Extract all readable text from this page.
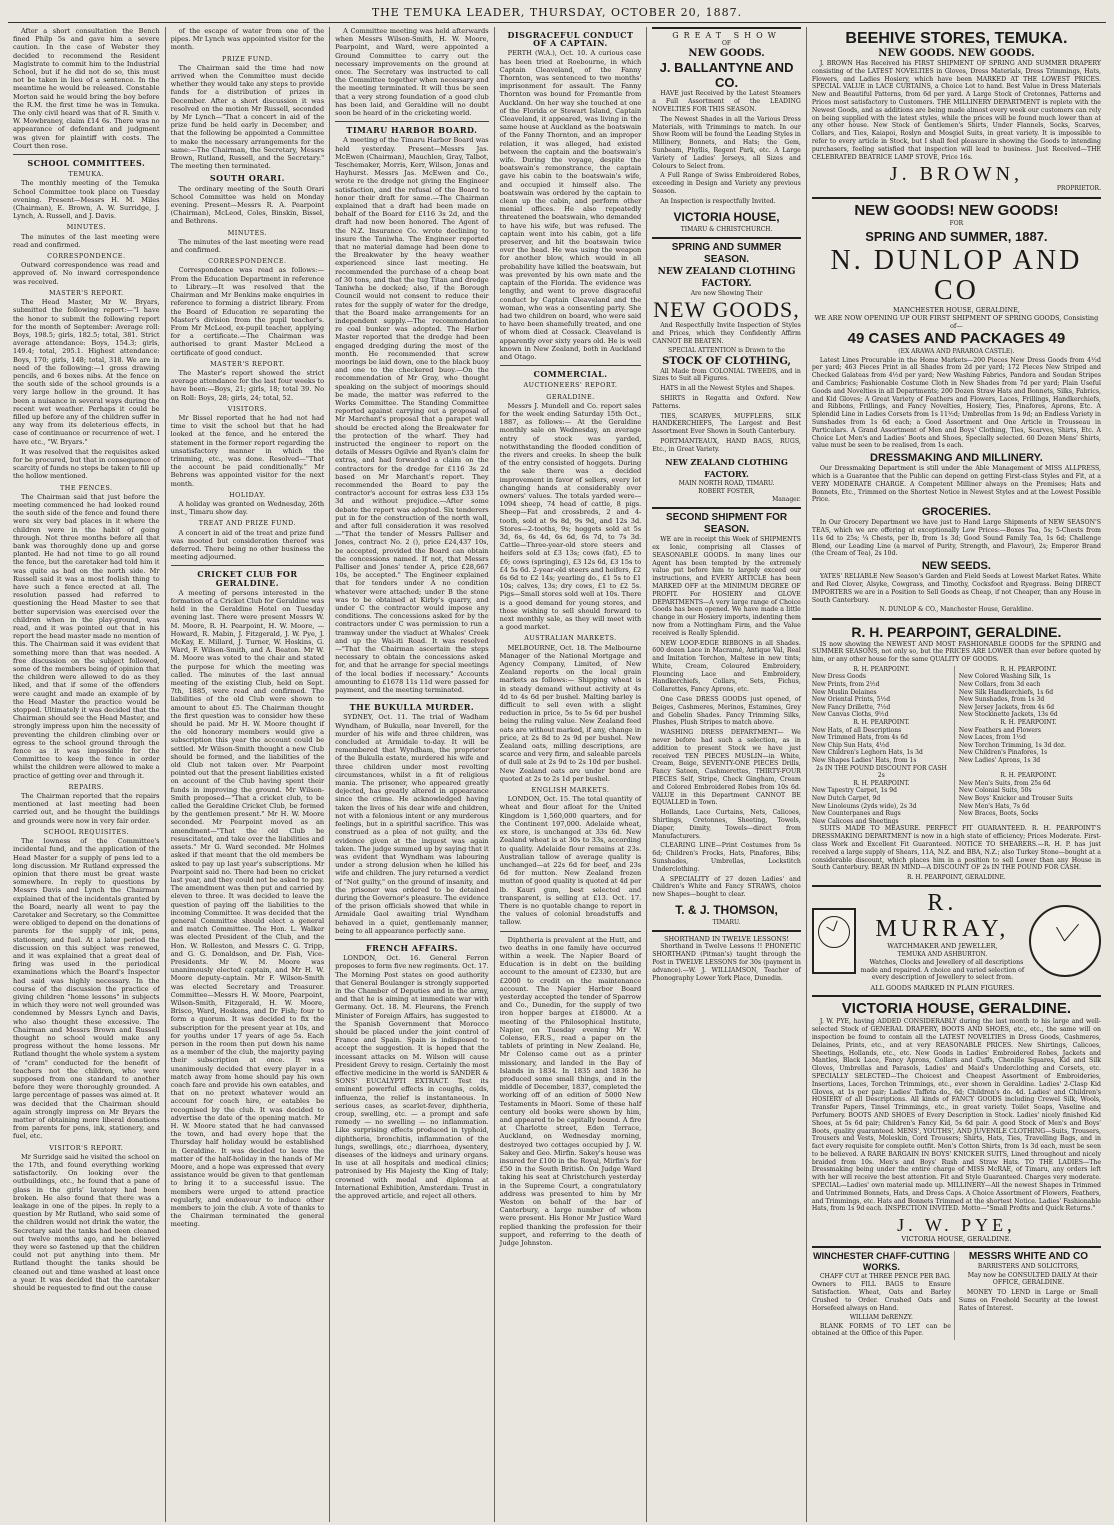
THE TEMUKA LEADER, THURSDAY, OCTOBER 20, 1887.

After a short consultation the Bench fined Philp 5s and gave him a severe caution. In the case of Webster they decided to recommend the Resident Magistrate to commit him to the Industrial School, but if he did not do so, this must not be taken in lieu of a sentence. In the meantime he would be released. Constable Morton said he would bring the boy before the R.M. the first time he was in Temuka. The only civil heard was that of R. Smith v. W. Mowbraney, claim £14 6s. There was no appearance of defendant and judgment was given for plaintiff with costs. The Court then rose.

SCHOOL COMMITTEES.
TEMUKA.

The monthly meeting of the Temuka School Committee took place on Tuesday evening. Present—Messrs H. M. Miles (Chairman), E. Brown, A. W. Surridge, J. Lynch, A. Russell, and J. Davis.

MINUTES.

The minutes of the last meeting were read and confirmed.

CORRESPONDENCE.

Outward correspondence was read and approved of. No inward correspondence was received.

MASTER'S REPORT.

The Head Master, Mr W. Bryars, submitted the following report:—"I have the honor to submit the following report for the month of September: Average roll: Boys, 198.5; girls, 182.5; total, 381. Strict average attendance: Boys, 154.3; girls, 149.4; total, 295.1. Highest attendance: Boys, 170; girls, 148; total, 318. We are in need of the following:—1 gross drawing pencils, and 6 boxes nibs. At the fence on the south side of the school grounds is a very large hollow in the ground. It has been a nuisance in several ways during the recent wet weather. Perhaps it could be filled up before any of the children suffer in any way from its deleterious effects, in case of continuance or recurrence of wet. I have etc., "W. Bryars."

It was resolved that the requisites asked for be procured, but that in consequence of scarcity of funds no steps be taken to fill up the hollow mentioned.

THE FENCES.

The Chairman said that just before the meeting commenced he had looked round the south side of the fence and found there were six very bad places in it where the children were in the habit of going through. Not three months before all that bank was thoroughly done up and gorse planted. He had not time to go all round the fence, but the caretaker had told him it was quite as bad on the north side. Mr Russell said it was a most foolish thing to have such a fence erected at all. The resolution passed had referred to questioning the Head Master to see that better supervision was exercised over the children when in the play-ground, was read, and it was pointed out that in his report the head master made no mention of this. The Chairman said it was evident that something more than that was needed. A free discussion on the subject followed, some of the members being of opinion that the children were allowed to do as they liked, and that if some of the offenders were caught and made an example of by the Head Master the practice would be stopped. Ultimately it was decided that the Chairman should see the Head Master, and strongly impress upon him the necessity of preventing the children climbing over or egress to the school ground through the fence as it was impossible for the Committee to keep the fence in order whilst the children were allowed to make a practice of getting over and through it.

REPAIRS.

The Chairman reported that the repairs mentioned at last meeting had been carried out, and he thought the buildings and grounds were now in very fair order.

SCHOOL REQUISITES.

The lowness of the Committee's incidental fund, and the application of the Head Master for a supply of pens led to a long discussion. Mr Rutland expressed the opinion that there must be great waste somewhere. In reply to questions by Messrs Davis and Lynch the Chairman explained that of the incidentals granted by the Board, nearly all went to pay the Caretaker and Secretary, so the Committee were obliged to depend on the donations of parents for the supply of ink, pens, stationery, and fuel. At a later period the discussion on this subject was renewed, and it was explained that a great deal of firing was used in the periodical examinations which the Board's Inspector had said was highly necessary. In the course of the discussion the practice of giving children "home lessons" in subjects in which they were not well grounded was condemned by Messrs Lynch and Davis, who also thought these excessive. The Chairman and Messrs Brown and Russell thought no school would make any progress without the home lessons. Mr Rutland thought the whole system a system of "cram" conducted for the benefit of teachers not the children, who were supposed from one standard to another before they were thoroughly grounded. A large percentage of passes was aimed at. It was decided that the Chairman should again strongly impress on Mr Bryars the matter of obtaining more liberal donations from parents for pens, ink, stationery, and fuel, etc.

VISITOR'S REPORT.

Mr Surridge said he visited the school on the 17th, and found everything working satisfactorily. On looking over the outbuildings, etc., he found that a pane of glass in the girls' lavatory had been broken. He also found that there was a leakage in one of the pipes. In reply to a question by Mr Rutland, who said some of the children would not drink the water, the Secretary said the tanks had been cleaned out twelve months ago, and he believed they were so fastened up that the children could not put anything into them. Mr Rutland thought the tanks should be cleaned out and time washed at least once a year. It was decided that the caretaker should be requested to find out the cause

of the escape of water from one of the pipes. Mr Lynch was appointed visitor for the month.

PRIZE FUND.

The Chairman said the time had now arrived when the Committee must decide whether they would take any steps to provide funds for a distribution of prizes in December. After a short discussion it was resolved on the motion Mr Russell, seconded by Mr Lynch—"That a concert in aid of the prize fund be held early in December, and that the following be appointed a Committee to make the necessary arrangements for the same:—The Chairman, the Secretary, Messrs Brown, Rutland, Russell, and the Secretary." The meeting then terminated.

SOUTH ORARI.

The ordinary meeting of the South Orari School Committee was held on Monday evening. Present—Messrs R. A. Pearpoint (Chairman), McLeod, Coles, Binskin, Bissel, and Bethrens.

MINUTES.

The minutes of the last meeting were read and confirmed.

CORRESPONDENCE.

Correspondence was read as follows:—From the Education Department in reference to Library.—It was resolved that the Chairman and Mr Benkins make enquiries in reference to forming a district library. From the Board of Education re separating the Master's division from the pupil teacher's. From Mr McLeod, ex-pupil teacher, applying for a certificate.—The Chairman was authorised to grant Master McLeod a certificate of good conduct.

MASTER'S REPORT.

The Master's report showed the strict average attendance for the last four weeks to have been:—Boys, 21; girls, 18; total 39. No on Roll: Boys, 28; girls, 24; total, 52.

VISITORS.

Mr Bissel reported that he had not had time to visit the school but that he had looked at the fence, and he entered the statement in the former report regarding the unsatisfactory manner in which the trimming, etc., was done. Resolved—"That the account be paid conditionally." Mr Behrens was appointed visitor for the next month.

HOLIDAY.

A holiday was granted on Wednesday, 26th inst., Timaru show day.

TREAT AND PRIZE FUND.

A concert in aid of the treat and prize fund was mooted but consideration thereof was deferred. There being no other business the meeting adjourned.

CRICKET CLUB FOR GERALDINE.

A meeting of persons interested in the formation of a Cricket Club for Geraldine was held in the Geraldine Hotel on Tuesday evening last. There were present Messrs W. M. Moore, R. H. Pearpoint, H. W. Moore, —Howard, R. Mabin, J. Fitzgerald, J. W. Pye, J. McKay, E. Millard, J. Turner, W. Hoskins, G. Ward, F. Wilson-Smith, and A. Beaton. Mr W. M. Moore was voted to the chair and stated the purpose for which the meeting was called. The minutes of the last annual meeting of the existing Club, held on Sept. 7th, 1885, were read and confirmed. The liabilities of the old Club were shown to amount to about £5. The Chairman thought the first question was to consider how these should be paid. Mr H. W. Moore thought if the old honorary members would give a subscription this year the account could be settled. Mr Wilson-Smith thought a new Club should be formed, and the liabilities of the old Club not taken over. Mr Pearpoint pointed out that the present liabilities existed on account of the Club having spent their funds in improving the ground. Mr Wilson-Smith proposed—"That a cricket club, to be called the Geraldine Cricket Club, be formed by the gentlemen present." Mr H. W. Moore seconded. Mr Pearpoint moved as an amendment—"That the old Club be resuscitated, and take over the liabilities and assets." Mr G. Ward seconded. Mr Holmes asked if that meant that the old members be asked to pay up last year's subscriptions. Mr Pearpoint said no. There had been no cricket last year, and they could not be asked to pay. The amendment was then put and carried by eleven to three. It was decided to leave the question of paying off the liabilities to the incoming Committee. It was decided that the general Committee should elect a general and match Committee. The Hon. L. Walker was elected President of the Club, and the Hon. W. Rolleston, and Messrs C. G. Tripp, and G. G. Donaldson, and Dr. Fish, Vice-Presidents. Mr W. M. Moore was unanimously elected captain, and Mr H. W. Moore deputy-captain. Mr F. Wilson-Smith was elected Secretary and Treasurer. Committee—Messrs H. W. Moore, Pearpoint, Wilson-Smith, Fitzgerald, H. W. Moore, Brisco, Ward, Hoskens, and Dr Fish; four to form a quorum. It was decided to fix the subscription for the present year at 10s, and for youths under 17 years of age 5s. Each person in the room then put down his name as a member of the club, the majority paying their subscription at once. It was unanimously decided that every player in a match away from home should pay his own coach fare and provide his own eatables, and that on no pretext whatever would an account for coach hire, or eatables be recognised by the club. It was decided to advertise the date of the opening match. Mr H. W. Moore stated that he had canvassed the town, and had every hope that the Thursday half holiday would be established in Geraldine. It was decided to leave the matter of the half-holiday in the hands of Mr Moore, and a hope was expressed that every assistance would be given to that gentleman to bring it to a successful issue. The members were urged to attend practice regularly, and endeavour to induce other members to join the club. A vote of thanks to the Chairman terminated the general meeting.

A Committee meeting was held afterwards when Messrs Wilson-Smith, H. W. Moore, Pearpoint, and Ward, were appointed a Ground Committee to carry out the necessary improvements on the ground at once. The Secretary was instructed to call the Committee together when necessary and the meeting terminated. It will thus be seen that a very strong foundation of a good club has been laid, and Geraldine will no doubt soon be heard of in the cricketing world.

TIMARU HARBOR BOARD.

A meeting of the Timaru Harbor Board was held yesterday. Present—Messrs Jas. McEwen (Chairman), Mauchlen, Gray, Talbot, Teschemaker, Morris, Kerr, Wilson, Jonas and Hayhurst. Messrs Jas. McEwen and Co., wrote re the dredge not giving the Engineer satisfaction, and the refusal of the Board to honor their draft for same.—The Chairman explained that a draft had been made on behalf of the Board for £116 3s 2d, and the draft had now been honored. The Agent of the N.Z. Insurance Co. wrote declining to insure the Taniwha. The Engineer reported that no material damage had been done to the Breakwater by the heavy weather experienced since last meeting. He recommended the purchase of a cheap boat of 30 tons, and that the tug Titan and dredge Taniwha be docked; also, if the Borough Council would not consent to reduce their rates for the supply of water for the dredge, that the Board make arrangements for an independent supply.—The recommendation re coal bunker was adopted. The Harbor Master reported that the dredge had been engaged dredging during the most of the month. He recommended that screw moorings be laid down, one to the black buoy and one to the checkered buoy.—On the recommendation of Mr Gray, who thought speaking on the subject of moorings should be made, the matter was referred to the Works Committee. The Standing Committee reported against carrying out a proposal of Mr Marchant's proposal that a parapet wall should be erected along the Breakwater for the protection of the wharf. They had instructed the engineer to report on the details of Messrs Ogilvie and Ryan's claim for extras, and had forwarded a claim on the contractors for the dredge for £116 3s 2d based on Mr Marchant's report. They recommended the Board to pay the contractor's account for extras less £33 15s 3d and without prejudice.—After some debate the report was adopted. Six tenderers put in for the construction of the north wall, and after full consideration it was resolved—"That the tender of Messrs Palliser and Jones, contract No. 2 (), price £24,437 10s, be accepted, provided the Board can obtain the concessions named. If not, that Messrs Palliser and Jones' tender A, price £28,667 10s, be accepted." The Engineer explained that for tenders under A no condition whatever were attached; under B the stone was to be obtained at Kirby's quarry, and under C the contractor would impose any conditions. The concessions asked for by the contractors under C was permission to run a tramway under the viaduct at Whales' Creek and up the Wai-iti Road. It was resolved—"That the Chairman ascertain the steps necessary to obtain the concessions asked for, and that he arrange for special meetings of the local bodies if necessary." Accounts amounting to £1678 11s 11d were passed for payment, and the meeting terminated.

THE BUKULLA MURDER.

SYDNEY, Oct. 11. The trial of Wadham Wyndham, of Bukulla, near Inverell, for the murder of his wife and three children, was concluded at Armidale to-day. It will be remembered that Wyndham, the proprietor of the Bukulla estate, murdered his wife and three children under most revolting circumstances, whilst in a fit of religious mania. The prisoner, who appeared greatly dejected, has greatly altered in appearance since the crime. He acknowledged having taken the lives of his dear wife and children, not with a felonious intent or any murderous feelings, but in a spiritful sacrifice. This was construed as a plea of not guilty, and the evidence given at the inquest was again taken. The judge summed up by saying that it was evident that Wyndham was labouring under a strong delusion when he killed his wife and children. The jury returned a verdict of "Not guilty," on the ground of insanity, and the prisoner was ordered to be detained during the Governor's pleasure. The evidence of the prison officials showed that while in Armidale Gaol awaiting trial Wyndham behaved in a quiet, gentlemanly manner, being to all appearance perfectly sane.

FRENCH AFFAIRS.

LONDON, Oct. 16. General Ferron proposes to form five new regiments. Oct. 17. The Morning Post states on good authority that General Boulanger is strongly supported in the Chamber of Deputies and in the army, and that he is aiming at immediate war with Germany. Oct. 18. M. Fleurens, the French Minister of Foreign Affairs, has suggested to the Spanish Government that Morocco should be placed under the joint control of France and Spain. Spain is indisposed to accept the suggestion. It is hoped that the incessant attacks on M. Wilson will cause President Grevy to resign. Certainly the most effective medicine in the world is SANDER & SONS' EUCALYPTI EXTRACT. Test its eminent powerful effects in coughs, colds, influenza, the relief is instantaneous. In serious cases, as scarlet-fever, diphtheria, croup, swelling, etc. — a prompt and safe remedy — no swelling — no inflammation. Like surprising effects produced in typhoid, diphtheria, bronchitis, inflammation of the lungs, swellings, etc.; diarrhoea, dysentery, diseases of the kidneys and urinary organs. In use at all hospitals and medical clinics; patronised by His Majesty the King of Italy; crowned with medal and diploma at International Exhibition, Amsterdam. Trust in the approved article, and reject all others.

DISGRACEFUL CONDUCT OF A CAPTAIN.

PERTH (W.A.), Oct. 10. A curious case has been tried at Roebourne, in which Captain Cleaveland, of the Fanny Thornton, was sentenced to two months' imprisonment for assault. The Fanny Thornton was bound for Fremantle from Auckland. On her way she touched at one of the Florida or Stewart Island, Captain Cleaveland, it appeared, was living in the same house at Auckland as the boatswain of the Fanny Thornton, and an improper relation, it was alleged, had existed between the captain and the boatswain's wife. During the voyage, despite the boatswain's remonstrance, the captain gave his cabin to the boatswain's wife, and occupied it himself also. The boatswain was ordered by the captain to clean up the cabin, and perform other menial offices. He also repeatedly threatened the boatswain, who demanded to have his wife, but was refused. The captain went into his cabin, got a life preserver, and hit the boatswain twice over the head. He was using the weapon for another blow, which would in all probability have killed the boatswain, but was prevented by his own mate and the captain of the Florida. The evidence was lengthy, and went to prove disgraceful conduct by Captain Cleaveland and the woman, who was a consenting party. She had two children on board, who were said to have been shamefully treated, and one of whom died at Cossack. Cleaveland is apparently over sixty years old. He is well known in New Zealand, both in Auckland and Otago.

COMMERCIAL.
AUCTIONEERS' REPORT.
GERALDINE.

Messrs J. Mundell and Co. report sales for the week ending Saturday 15th Oct., 1887, as follows:— At the Geraldine monthly sale on Wednesday, an average entry of stock was yarded, notwithstanding the flooded condition of the rivers and creeks. In sheep the bulk of the entry consisted of hoggets. During the sale there was a decided improvement in favor of sellers, every lot changing hands at considerably over owners' values. The totals yarded were—1094 sheep, 74 head of cattle, 8 pigs. Sheep—Fat and crossbreds, 2 and 4-tooth, sold at 9s 8d, 9s 9d, and 12s 3d. Stores—2-tooths, 9s; hoggets sold at 5s 3d, 6s, 6s 4d, 6s 6d, 6s 7d, to 7s 3d. Cattle—Three-year-old store steers and heifers sold at £3 13s; cows (fat), £5 to £6; cows (springing), £3 12s 6d, £3 15s to £4 5s 6d. 2-year-old steers and heifers, £2 6s 6d to £2 14s; yearling do., £1 5s to £1 10s; calves, 13s; dry cows, £1 to £2 5s. Pigs—Small stores sold well at 10s. There is a good demand for young stores, and those wishing to sell should forward to next monthly sale, as they will meet with a good market.

AUSTRALIAN MARKETS.

MELBOURNE, Oct. 18. The Melbourne Manager of the National Mortgage and Agency Company, Limited, of New Zealand reports on the local grain markets as follows:— Shipping wheat is in steady demand without activity at 4s 4d to 4s 6d per bushel. Malting barley is difficult to sell even with a slight reduction in price, 5s to 5s 6d per bushel being the ruling value. New Zealand feed oats are without marked, if any, change in price, at 2s 8d to 2s 9d per bushel. New Zealand oats, milling descriptions, are scarce and very firm, and saleable parcels of dull sale at 2s 9d to 2s 10d per bushel. New Zealand oats are under bond are quoted at 2s to 2s 1d per bushel.

ENGLISH MARKETS.

LONDON, Oct. 15. The total quantity of wheat and flour afloat for the United Kingdom is 1,560,000 quarters, and for the Continent 197,000. Adelaide wheat, ex store, is unchanged at 33s 6d. New Zealand wheat is at 30s to 33s, according to quality. Adelaide flour remains at 23s. Australian tallow of average quality is unchanged—at 22s 6d for beef, and 23s 6d for mutton. New Zealand frozen mutton of good quality is quoted at 4d per lb. Kauri gum, best selected and transparent, is selling at £13. Oct. 17. There is no quotable change to report in the values of colonial breadstuffs and tallow.

Diphtheria is prevalent at the Hutt, and two deaths in one family have occurred within a week. The Napier Board of Education is in debt on the building account to the amount of £2330, but are £2000 to credit on the maintenance account. The Napier Harbor Board yesterday accepted the tender of Sparrow and Co., Dunedin, for the supply of two iron hopper barges at £18000. At a meeting of the Philosophical Institute, Napier, on Tuesday evening Mr W. Colenso, F.R.S., read a paper on the tablets of printing in New Zealand. He, Mr Colenso came out as a printer missionary, and landed in the Bay of Islands in 1834. In 1835 and 1836 he produced some small things, and in the middle of December, 1837, completed the working off of an edition of 5000 New Testaments in Maori. Some of these half century old books were shown by him, and appeared to be capitally bound. A fire at Charlotte street, Eden Terrace, Auckland, on Wednesday morning, destroyed two cottages occupied by J. W. Sakey and Geo. Mirfin. Sakey's house was insured for £100 in the Royal, Mirfin's for £50 in the South British. On Judge Ward taking his seat at Christchurch yesterday in the Supreme Court, a congratulatory address was presented to him by Mr Weston on behalf of the bar of Canterbury, a large number of whom were present. His Honor Mr Justice Ward replied thanking the profession for their support, and referring to the death of Judge Johnston.

GREAT SHOW
OF
NEW GOODS.
J. BALLANTYNE AND CO.

HAVE just Received by the Latest Steamers a Full Assortment of the LEADING NOVELTIES FOR THIS SEASON.

The Newest Shades in all the Various Dress Materials, with Trimmings to match. In our Show Room will be found the Leading Styles in Millinery, Bonnets, and Hats; the Gem, Sunbeam, Phyllis, Regent Park, etc. A Large Variety of Ladies' Jerseys, all Sizes and Colours to Select from.

A Full Range of Swiss Embroidered Robes, exceeding in Design and Variety any previous Season.

An Inspection is respectfully Invited.

VICTORIA HOUSE,
TIMARU & CHRISTCHURCH.
SPRING AND SUMMER SEASON.
NEW ZEALAND CLOTHING FACTORY.
Are now Showing Their
NEW GOODS,

And Respectfully Invite Inspection of Styles and Prices, which they Confidently Affirm CANNOT BE BEATEN.

SPECIAL ATTENTION is Drawn to the
STOCK OF CLOTHING,

All Made from COLONIAL TWEEDS, and in Sizes to Suit all Figures.

HATS in all the Newest Styles and Shapes.

SHIRTS in Regatta and Oxford. New Patterns.

TIES, SCARVES, MUFFLERS, SILK HANDKERCHIEFS, The Largest and Best Assortment Ever Shown in South Canterbury.

PORTMANTEAUX, HAND BAGS, RUGS, Etc., in Great Variety.

NEW ZEALAND CLOTHING FACTORY.
MAIN NORTH ROAD, TIMARU.
ROBERT FOSTER,
Manager.
SECOND SHIPMENT FOR SEASON.

WE are in receipt this Week of SHIPMENTS ex Ionic, comprising all Classes of SEASONABLE GOODS. In many lines our Agent has been tempted by the extremely value put before him to largely exceed our instructions, and EVERY ARTICLE has been MARKED OFF at the MINIMUM DEGREE OF PROFIT. For HOSIERY and GLOVE DEPARTMENTS—A very large range of Choice Goods has been opened. We have made a little change in our Hosiery imports, indenting them now from a Nottingham Firm, and the Value received is Really Splendid.

NEW LOOP-EDGE RIBBONS in all Shades. 600 dozen Lace in Macramé, Antique Val, Real and Imitation Torchon, Maltese in new tints; White, Cream, Coloured Embroidery, Flouncing Lace and Embroidery, Handkerchiefs, Collars, Sets, Fichus, Collarettes, Fancy Aprons, etc.

One Case DRESS GOODS just opened, of Beiges, Cashmeres, Merinos, Estamines, Grey and Gobelin Shades. Fancy Trimming Silks, Plushes, Plush Stripes to match above.

WASHING DRESS DEPARTMENT— We never before had such a selection, as in addition to present Stock we have just received TEN PIECES MUSLIN—in White, Cream, Beige, SEVENTY-ONE PIECES Drills, Fancy Sateen, Cashmerettes, THIRTY-FOUR PIECES Self, Stripe, Check Gingham, Cream and Colored Embroidered Robes from 10s 6d. VALUE in this Department CANNOT BE EQUALLED in Town.

Hollands, Lace Curtains, Nets, Calicoes, Shirtings, Cretonnes, Sheeting, Towels, Diaper, Dimity, Towels—direct from Manufacturers.

CLEARING LINE—Print Costumes from 5s 6d; Children's Frocks, Hats, Pinafores, Bibs; Sunshades, Umbrellas, Lockstitch Underclothing.

A SPECIALITY of 27 dozen Ladies' and Children's White and Fancy STRAWS, choice new Shapes—bought to clear.

T. & J. THOMSON,
TIMARU.
SHORTHAND IN TWELVE LESSONS!

Shorthand in Twelve Lessons !! PHONETIC SHORTHAND (Pitman's) taught through the Post in TWELVE LESSONS for 30s (payment in advance).—W. J. WILLIAMSON, Teacher of Phonography Lower York Place, Dunedin.

BEEHIVE STORES, TEMUKA.
NEW GOODS. NEW GOODS.

J. BROWN Has Received his FIRST SHIPMENT OF SPRING AND SUMMER DRAPERY consisting of the LATEST NOVELTIES in Gloves, Dress Materials, Dress Trimmings, Hats, Flowers, and Ladies Hosiery, which have been MARKED AT THE LOWEST PRICES. SPECIAL VALUE in LACE CURTAINS, a Choice Lot to hand. Best Value in Dress Materials New and Beautiful Patterns, from 6d per yard. A Large Stock of Cretonnes, Patterns and Prices most satisfactory to Customers. THE MILLINERY DEPARTMENT is replete with the Newest Goods, and as additions are being made almost every week our customers can rely on being supplied with the latest styles, while the prices will be found much lower than at any other house. New Stock of Gentlemen's Shirts, Under Flannels, Socks, Scarves, Collars, and Ties, Kaiapoi, Roslyn and Mosgiel Suits, in great variety. It is impossible to refer to every article in Stock, but I shall feel pleasure in showing the Goods to intending purchasers, feeling satisfied that inspection will lead to business. Just Received—THE CELEBRATED BEATRICE LAMP STOVE, Price 16s.

J. BROWN,
PROPRIETOR.
NEW GOODS! NEW GOODS!
FOR
SPRING AND SUMMER, 1887.
N. DUNLOP AND CO
MANCHESTER HOUSE, GERALDINE,
WE ARE NOW OPENING UP OUR FIRST SHIPMENT OF SPRING GOODS, Consisting of—
49 CASES AND PACKAGES 49
(EX ARAWA AND PARAROA CASTLE).

Latest Lines Procurable in the Home Markets—200 Pieces New Dress Goods from 4½d per yard; 463 Pieces Print in all Shades from 2d per yard; 172 Pieces New Striped and Checked Galateas from 4½d per yard; New Washing Fabrics, Pandora and Soudan Stripes and Cambrics; Fashionable Costume Cloth in New Shades from 7d per yard; Plain Useful Goods and Novelties in all Departments; 200 Dozen Straw Hats and Bonnets, Silks, Fabrics, and Kid Gloves; A Great Variety of Feathers and Flowers, Laces, Frillings, Handkerchiefs, and Ribbons, Frillings, and Fancy Novelties, Hosiery, Ties, Pinafores, Aprons, Etc. A Splendid Line in Ladies Corsets from 1s 11½d; Umbrellas from 1s 9d; an Endless Variety in Sunshades from 1s 6d each; a Good Assortment and One Article in Trousseau in Particulars. A Grand Assortment of Men and Boys' Clothing, Ties, Scarves, Shirts, Etc. A Choice Lot Men's and Ladies' Boots and Shoes, Specially selected. 60 Dozen Mens' Shirts, value must be seen to be realised, from 1s each.

DRESSMAKING AND MILLINERY.

Our Dressmaking Department is still under the Able Management of MISS ALLPRESS, which is a Guarantee that the Public can depend on getting First-class Styles and Fit, at a VERY MODERATE CHARGE. A Competent Milliner always on the Premises; Hats and Bonnets, Etc., Trimmed on the Shortest Notice in Newest Styles and at the Lowest Possible Price.

GROCERIES.

In Our Grocery Department we have just to Hand Large Shipments of NEW SEASON'S TEAS, which we are offering at exceptionally Low Prices:—Boxes Tea, 5s; 5-Chests from 11s 6d to 25s; ¼ Chests, per lb, from 1s 3d; Good Sound Family Tea, 1s 6d; Challenge Blend, our Leading Line (a marvel of Purity, Strength, and Flavour), 2s; Emperor Brand (the Cream of Tea), 2s 10d.

NEW SEEDS.

YATES' RELIABLE New Season's Garden and Field Seeds at Lowest Market Rates. White and Red Clover, Alsyke, Cowgrass, and Timothy, Cocksfoot and Ryegrass. Being DIRECT IMPORTERS we are in a Position to Sell Goods as Cheap, if not Cheaper, than any House in South Canterbury.

N. DUNLOP & CO., Manchester House, Geraldine.
R. H. PEARPOINT, GERALDINE.

IS now showing the NEWEST AND MOST FASHIONABLE GOODS for the SPRING and SUMMER SEASONS, not only so, but the PRICES ARE LOWER than ever before quoted by him, or any other house for the same QUALITY OF GOODS.

R. H. PEARPOINT.
New Dress Goods
New Prints, from 2½d
New Muslin Delaines
New Oriental Prints, 5½d
New Fancy Drillette, 7½d
New Canvas Cloths, 9½d
R. H. PEARPOINT.
New Hats, of all Descriptions
New Trimmed Hats, from 4s 6d
New Chip Sun Hats, 4½d
New Children's Leghorn Hats, 1s 3d
New Shapes Ladies' Hats, from 1s
2s IN THE POUND DISCOUNT FOR CASH 2s
R. H. PEARPOINT.
New Tapestry Carpet, 1s 9d
New Dutch Carpet, 9d
New Linoleums (2yds wide), 2s 3d
New Counterpanes and Rugs
New Calicoes and Sheetings
R. H. PEARPOINT.
New Colored Washing Silk, 1s
New Collars, from 3d each
New Silk Handkerchiefs, 1s 6d
New Sunshades, from 1s 3d
New Jersey Jackets, from 4s 6d
New Stockinette Jackets, 13s 6d
R. H. PEARPOINT.
New Feathers and Flowers
New Laces, from 1½d
New Torchon Trimming, 1s 3d doz.
New Children's Pinafores, 1s
New Ladies' Aprons, 1s 3d

R. H. PEARPOINT.
New Men's Suits, from 25s 6d
New Colonial Suits, 50s
New Boys' Knicker and Trouser Suits
New Men's Hats, 7s 6d
New Braces, Boots, Socks

SUITS MADE TO MEASURE. PERFECT FIT GUARANTEED. R. H. PEARPOINT'S DRESSMAKING DEPARTMENT is now in a high state of efficiency; Prices Moderate. First-class Work and Excellent Fit Guaranteed. NOTICE TO SHEARERS.—R. H. P. has just received a large supply of Shears, 11A, N.Z. and BBA, N.Z.; also Turkey Stone—bought at a considerable discount, which places him in a position to sell Lower than any House in South Canterbury. BEAR IN MIND—A DISCOUNT OF 2s IN THE POUND FOR CASH.

R. H. PEARPOINT, GERALDINE.
R. MURRAY,
WATCHMAKER AND JEWELLER,
TEMUKA AND ASHBURTON.

Watches, Clocks and Jewellery of all descriptions made and repaired. A choice and varied selection of every description of Jewellery to select from.

ALL GOODS MARKED IN PLAIN FIGURES.
VICTORIA HOUSE, GERALDINE.

J. W. PYE, having ADDED CONSIDERABLY during the last month to his large and well-selected Stock of GENERAL DRAPERY, BOOTS AND SHOES, etc., etc., the same will on inspection be found to contain all the LATEST NOVELTIES in Dress Goods, Cashmeres, Delaines, Prints, etc., and at very REASONABLE PRICES. New Shirtings, Calicoes, Sheetings, Hollands, etc., etc. New Goods in Ladies' Embroidered Robes, Jackets and Mantles, Black Lace, Fancy Aprons, Collars and Cuffs, Chenille Squares, Kid and Silk Gloves, Umbrellas and Parasols, Ladies' and Maid's Underclothing and Corsets, etc. SPECIALLY SELECTED—The Choicest and Cheapest Assortment of Embroideries, Insertions, Laces, Torchon Trimmings, etc., ever shown in Geraldine. Ladies' 2-Clasp Kid Gloves, at 1s per pair; Ladies' Taffeta do., 6d; Children's do. 4d. Ladies' and Children's HOSIERY of all Descriptions. All kinds of FANCY GOODS including Crewel Silk, Wools, Transfer Papers, Tinsel Trimmings, etc., in great variety. Toilet Soaps, Vaseline and Perfumery. BOOTS AND SHOES of Every Description in Stock. Ladies' nicely finished Kid Shoes, at 5s 6d pair; Children's Fancy Kid, 5s 6d pair. A good Stock of Men's and Boys' Boots, quality guaranteed. MENS', YOUTHS', AND JUVENILE CLOTHING—Suits, Trousers, Trousers and Vests, Moleskin, Cord Trousers; Shirts, Hats, Ties, Travelling Bags, and in fact every requisite for complete outfit. Men's Cotton Shirts, from 1s 3d each, must be seen to be believed. A RARE BARGAIN IN BOYS' KNICKER SUITS, Lined throughout and nicely braided from 10s. Men's and Boys' Rush and Straw Hats. TO THE LADIES—The Dressmaking being under the entire charge of MISS McRAE, of Timaru, any orders left with her will receive the best attention. Fit and Style Guaranteed. Charges very moderate. SPECIAL—Ladies' own material made up. MILLINERY—All the newest Shapes in Trimmed and Untrimmed Bonnets, Hats, and Dress Caps. A Choice Assortment of Flowers, Feathers, and Trimmings, etc. Hats and Bonnets Trimmed at the shortest Notice. Ladies' Fashionable Hats, from 1s 9d each. INSPECTION INVITED. Motto—"Small Profits and Quick Returns."

J. W. PYE,
VICTORIA HOUSE, GERALDINE.
WINCHESTER CHAFF-CUTTING WORKS.

CHAFF CUT at THREE PENCE PER BAG. Owners to FILL BAGS to Ensure Satisfaction. Wheat, Oats and Barley Crushed to Order. Crushed Oats and Horsefeed always on Hand.

WILLIAM DeRENZY.

BLANK FORMS of TO LET can be obtained at the Office of this Paper.

MESSRS WHITE AND CO
BARRISTERS AND SOLICITORS,

May now be CONSULTED DAILY At their OFFICE, GERALDINE.

MONEY TO LEND in Large or Small Sums on Freehold Security at the lowest Rates of Interest.
